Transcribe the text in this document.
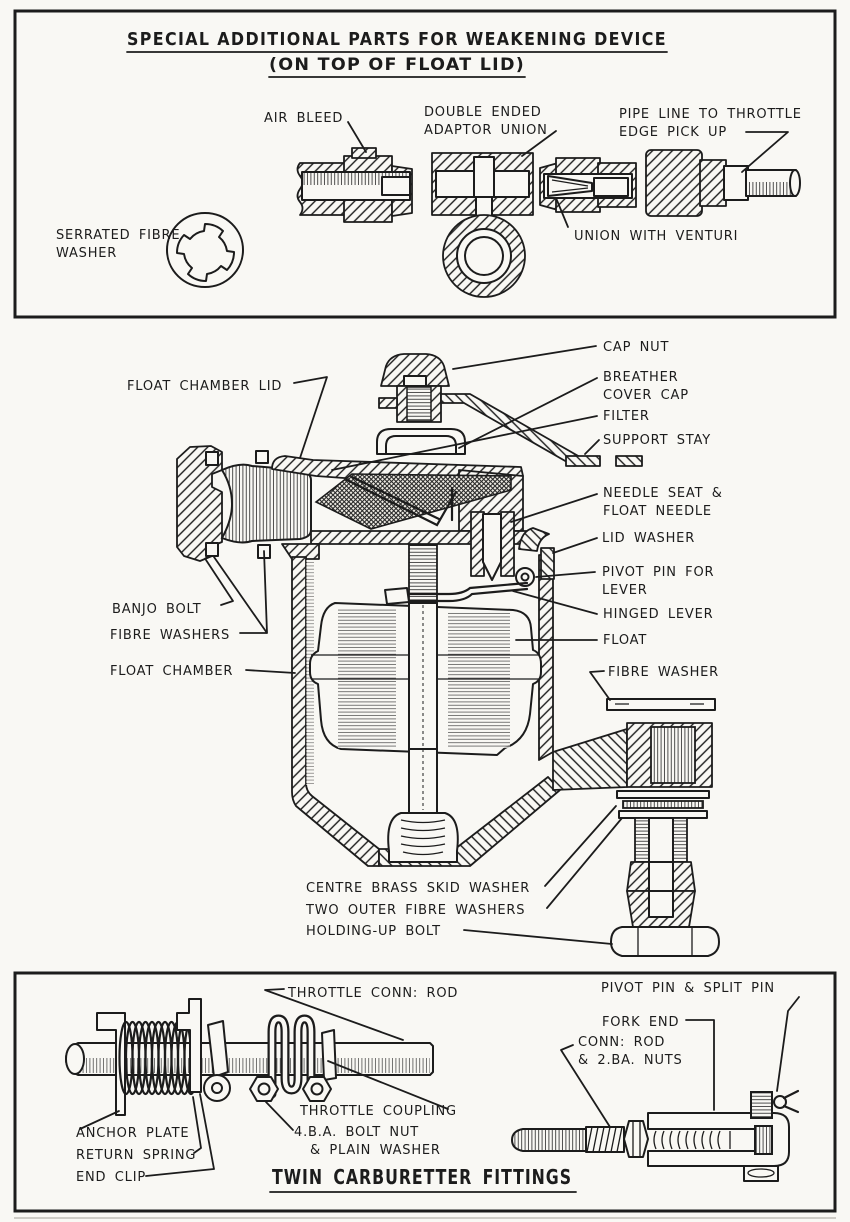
SPECIAL ADDITIONAL PARTS FOR WEAKENING DEVICE
(ON TOP OF FLOAT LID)
AIR BLEED	DOUBLE ENDED
ADAPTOR UNION
PIPE LINE TO THROTTLE
EDGE PICK UP
UNION WITH VENTURI
SERRATED FIBRE
WASHER
FLOAT CHAMBER LID
CAP NUT
BREATHER
COVER CAP
FILTER
SUPPORT STAY
NEEDLE SEAT &
FLOAT NEEDLE
LID WASHER
PIVOT PIN FOR
LEVER
HINGED LEVER
FLOAT
FIBRE WASHER
BANJO BOLT
FIBRE WASHERS
FLOAT CHAMBER
CENTRE BRASS SKID WASHER
TWO OUTER FIBRE WASHERS
HOLDING-UP BOLT
THROTTLE CONN: ROD	PIVOT PIN & SPLIT PIN
FORK END
CONN: ROD
& 2.BA. NUTS
THROTTLE COUPLING
4.B.A. BOLT NUT
& PLAIN WASHER
ANCHOR PLATE
RETURN SPRING
END CLIP	TWIN CARBURETTER FITTINGS
